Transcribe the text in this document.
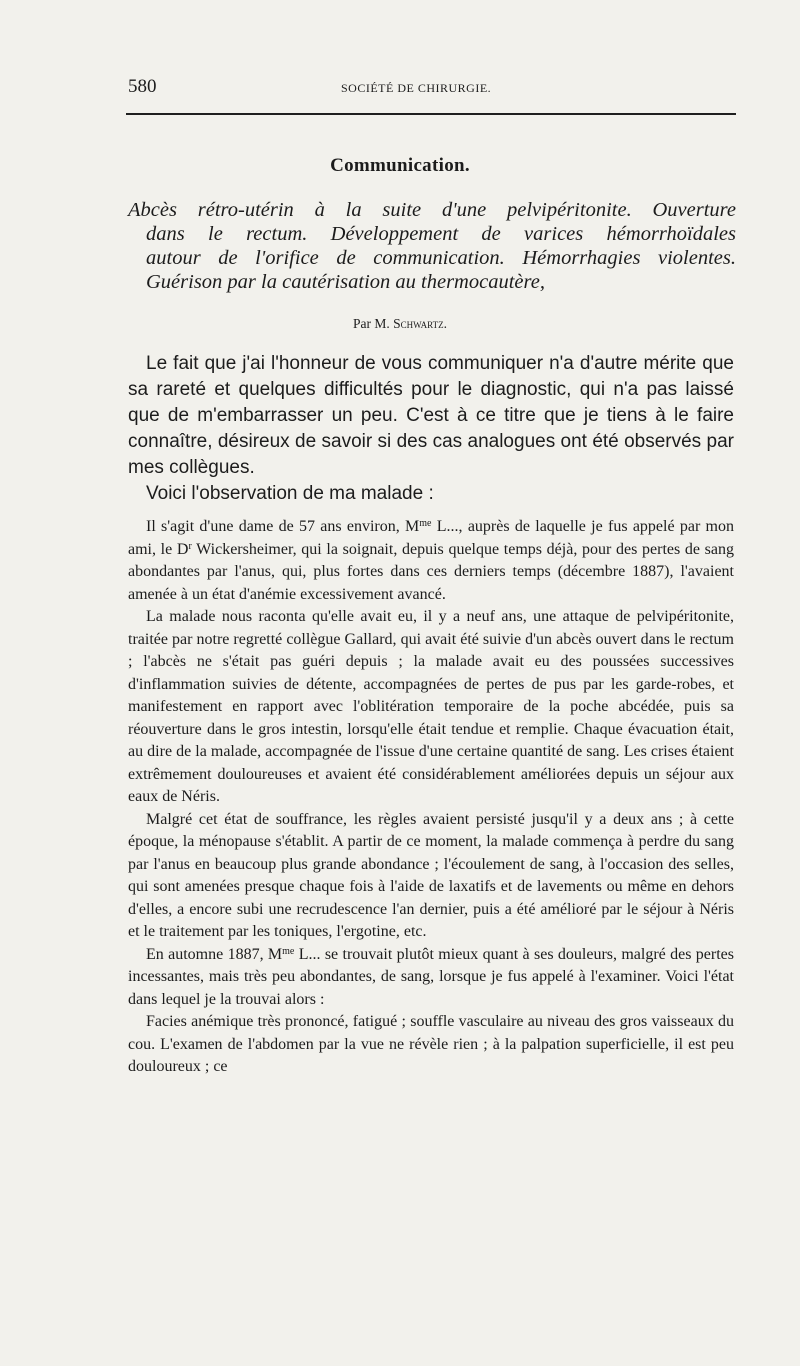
580	SOCIÉTÉ DE CHIRURGIE.
Communication.
Abcès rétro-utérin à la suite d'une pelvipéritonite. Ouverture
dans le rectum. Développement de varices hémorrhoïdales
autour de l'orifice de communication. Hémorrhagies violentes.
Guérison par la cautérisation au thermocautère,
Par M. Schwartz.

Le fait que j'ai l'honneur de vous communiquer n'a d'autre mérite que sa rareté et quelques difficultés pour le diagnostic, qui n'a pas laissé que de m'embarrasser un peu. C'est à ce titre que je tiens à le faire connaître, désireux de savoir si des cas analogues ont été observés par mes collègues.

Voici l'observation de ma malade :

Il s'agit d'une dame de 57 ans environ, $M^{me}$ L..., auprès de laquelle je fus appelé par mon ami, le $D^r$ Wickersheimer, qui la soignait, depuis quelque temps déjà, pour des pertes de sang abondantes par l'anus, qui, plus fortes dans ces derniers temps (décembre 1887), l'avaient amenée à un état d'anémie excessivement avancé.

La malade nous raconta qu'elle avait eu, il y a neuf ans, une attaque de pelvipéritonite, traitée par notre regretté collègue Gallard, qui avait été suivie d'un abcès ouvert dans le rectum ; l'abcès ne s'était pas guéri depuis ; la malade avait eu des poussées successives d'inflammation suivies de détente, accompagnées de pertes de pus par les garde-robes, et manifestement en rapport avec l'oblitération temporaire de la poche abcédée, puis sa réouverture dans le gros intestin, lorsqu'elle était tendue et remplie. Chaque évacuation était, au dire de la malade, accompagnée de l'issue d'une certaine quantité de sang. Les crises étaient extrêmement douloureuses et avaient été considérablement améliorées depuis un séjour aux eaux de Néris.

Malgré cet état de souffrance, les règles avaient persisté jusqu'il y a deux ans ; à cette époque, la ménopause s'établit. A partir de ce moment, la malade commença à perdre du sang par l'anus en beaucoup plus grande abondance ; l'écoulement de sang, à l'occasion des selles, qui sont amenées presque chaque fois à l'aide de laxatifs et de lavements ou même en dehors d'elles, a encore subi une recrudescence l'an dernier, puis a été amélioré par le séjour à Néris et le traitement par les toniques, l'ergotine, etc.

En automne 1887, $M^{me}$ L... se trouvait plutôt mieux quant à ses douleurs, malgré des pertes incessantes, mais très peu abondantes, de sang, lorsque je fus appelé à l'examiner. Voici l'état dans lequel je la trouvai alors :

Facies anémique très prononcé, fatigué ; souffle vasculaire au niveau des gros vaisseaux du cou. L'examen de l'abdomen par la vue ne révèle rien ; à la palpation superficielle, il est peu douloureux ; ce
